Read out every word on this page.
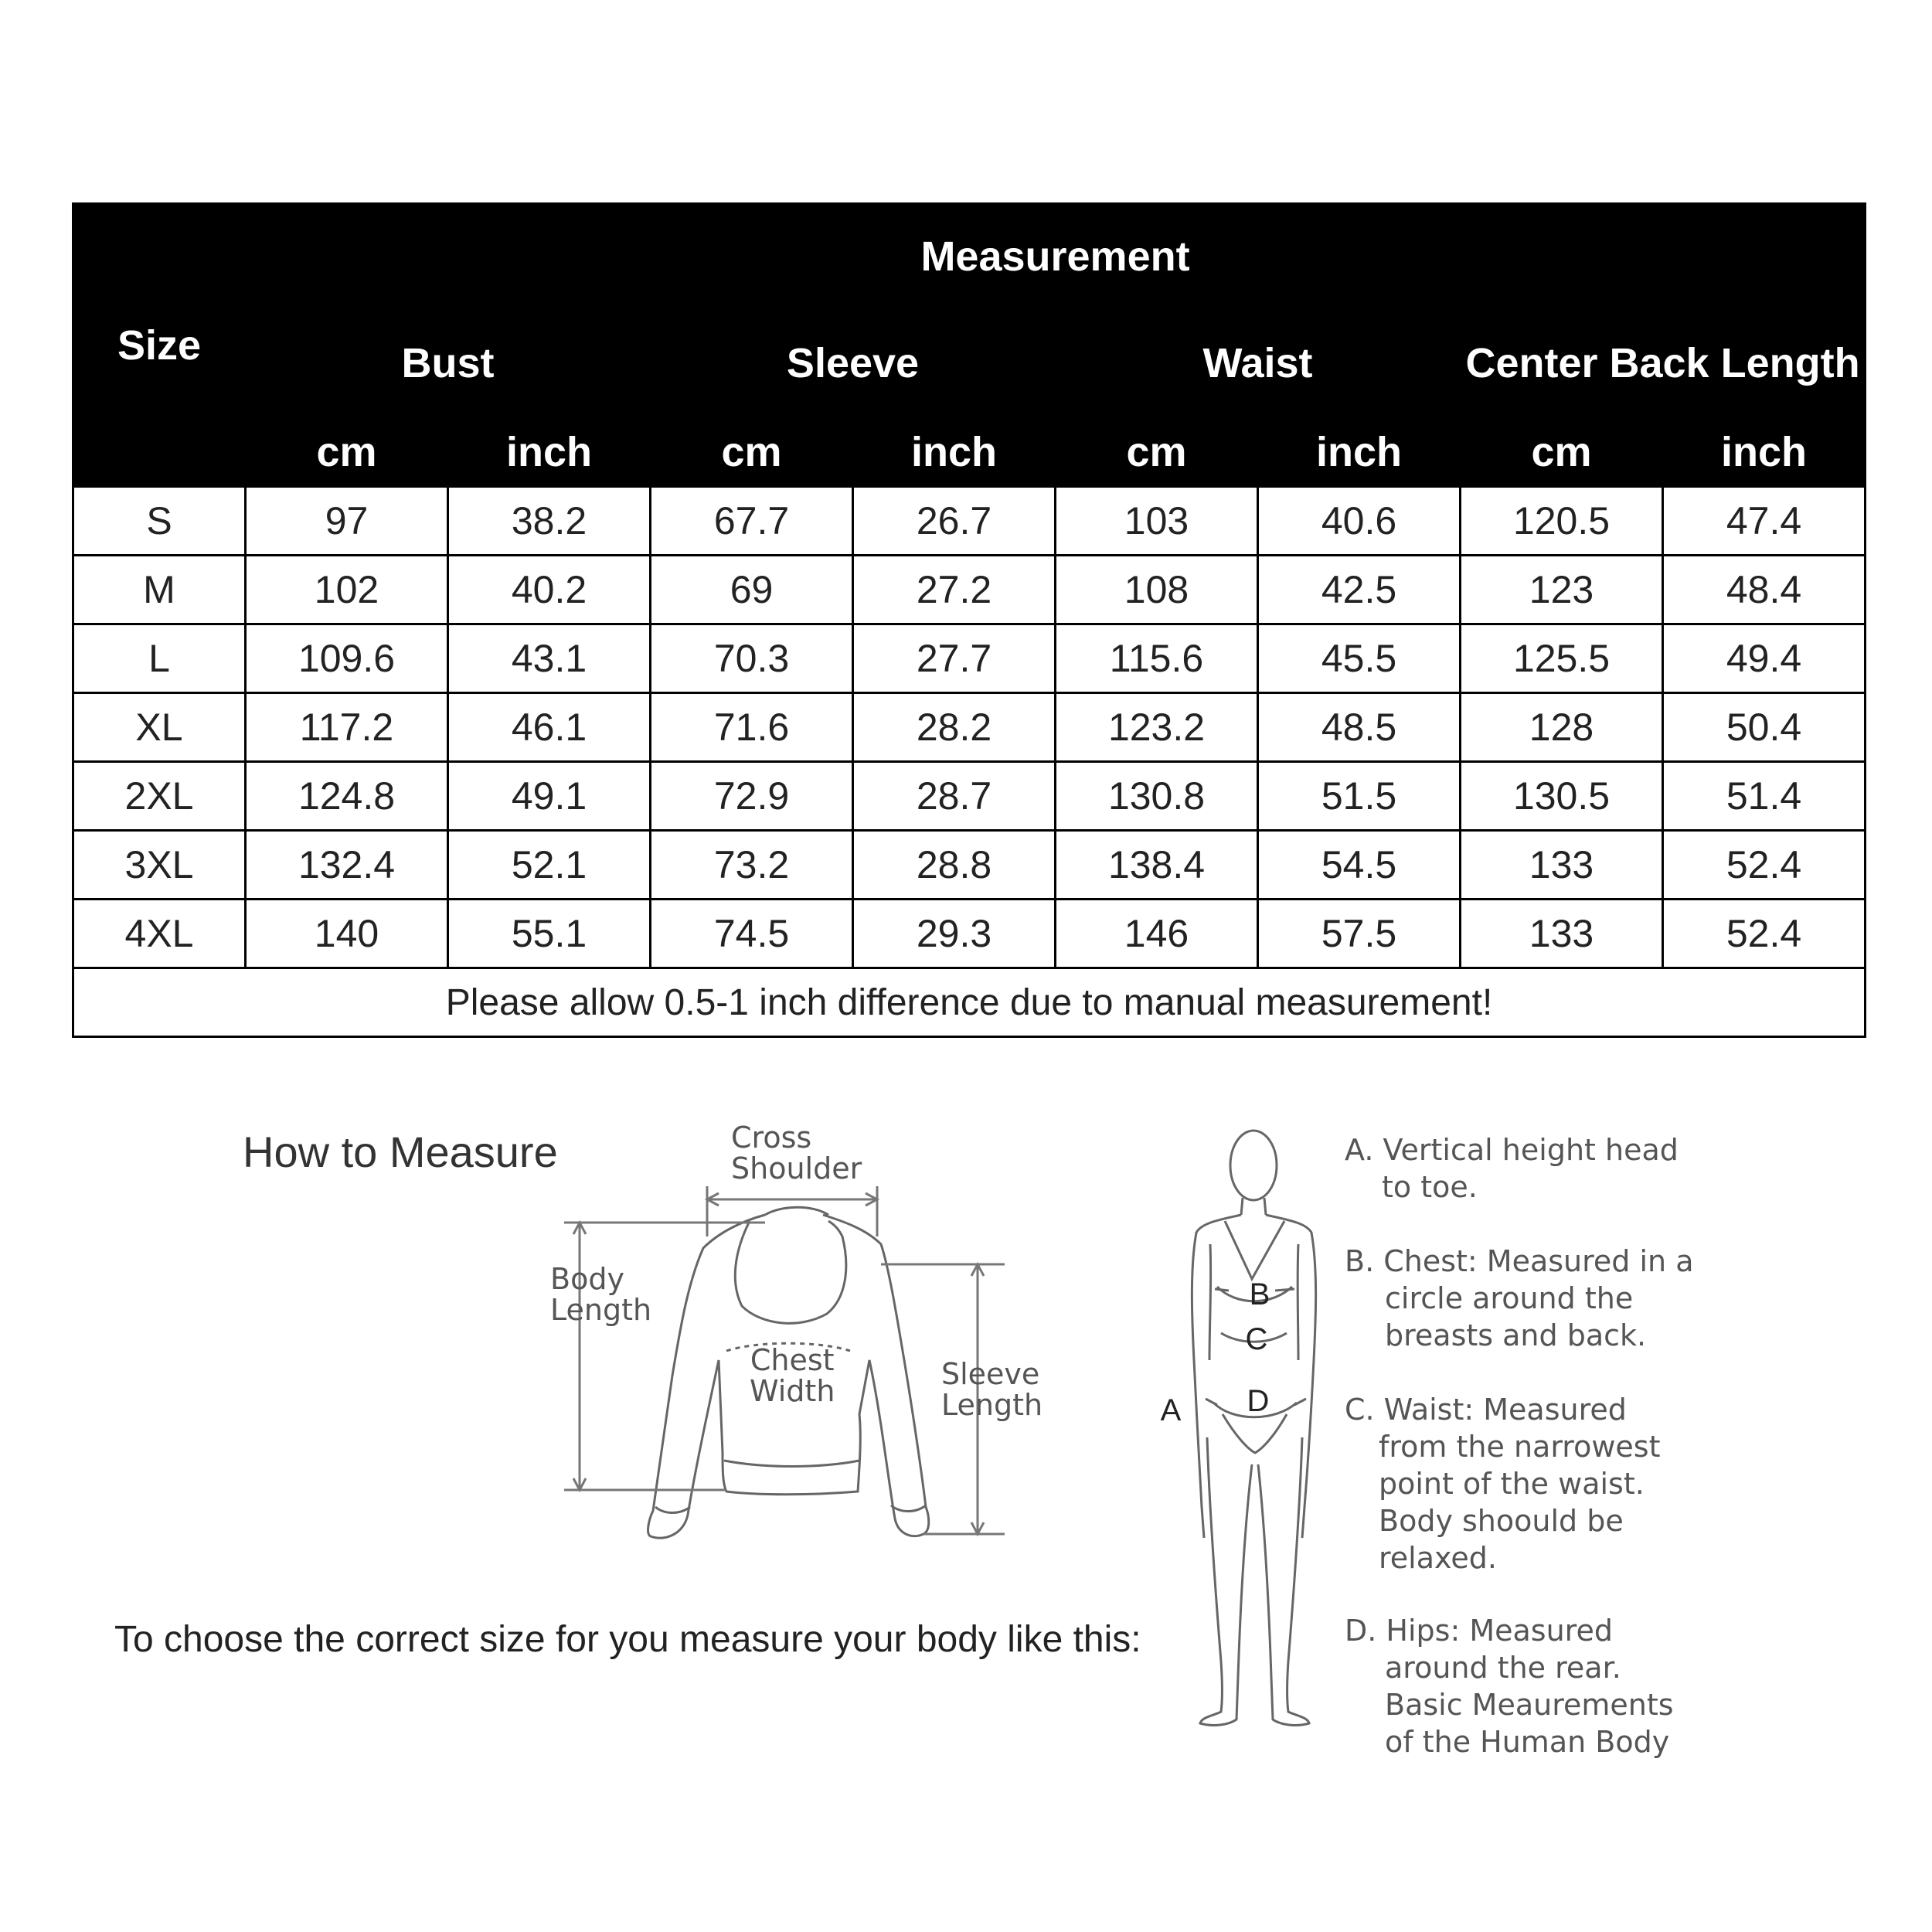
Size	Measurement							
	Bust		Sleeve		Waist		Center Back Length	
	cm	inch	cm	inch	cm	inch	cm	inch
S	97	38.2	67.7	26.7	103	40.6	120.5	47.4
M	102	40.2	69	27.2	108	42.5	123	48.4
L	109.6	43.1	70.3	27.7	115.6	45.5	125.5	49.4
XL	117.2	46.1	71.6	28.2	123.2	48.5	128	50.4
2XL	124.8	49.1	72.9	28.7	130.8	51.5	130.5	51.4
3XL	132.4	52.1	73.2	28.8	138.4	54.5	133	52.4
4XL	140	55.1	74.5	29.3	146	57.5	133	52.4
Please allow 0.5-1 inch difference due to manual measurement!								
How to Measure
To choose the correct size for you measure your body like this:
Cross
Shoulder
Body
Length
Chest
Width	Sleeve
Length
B
C
D
A
A. Vertical height head
to toe.
B. Chest: Measured in a
circle around the
breasts and back.
C. Waist: Measured
from the narrowest
point of the waist.
Body shoould be
relaxed.
D. Hips: Measured
around the rear.
Basic Meaurements
of the Human Body
